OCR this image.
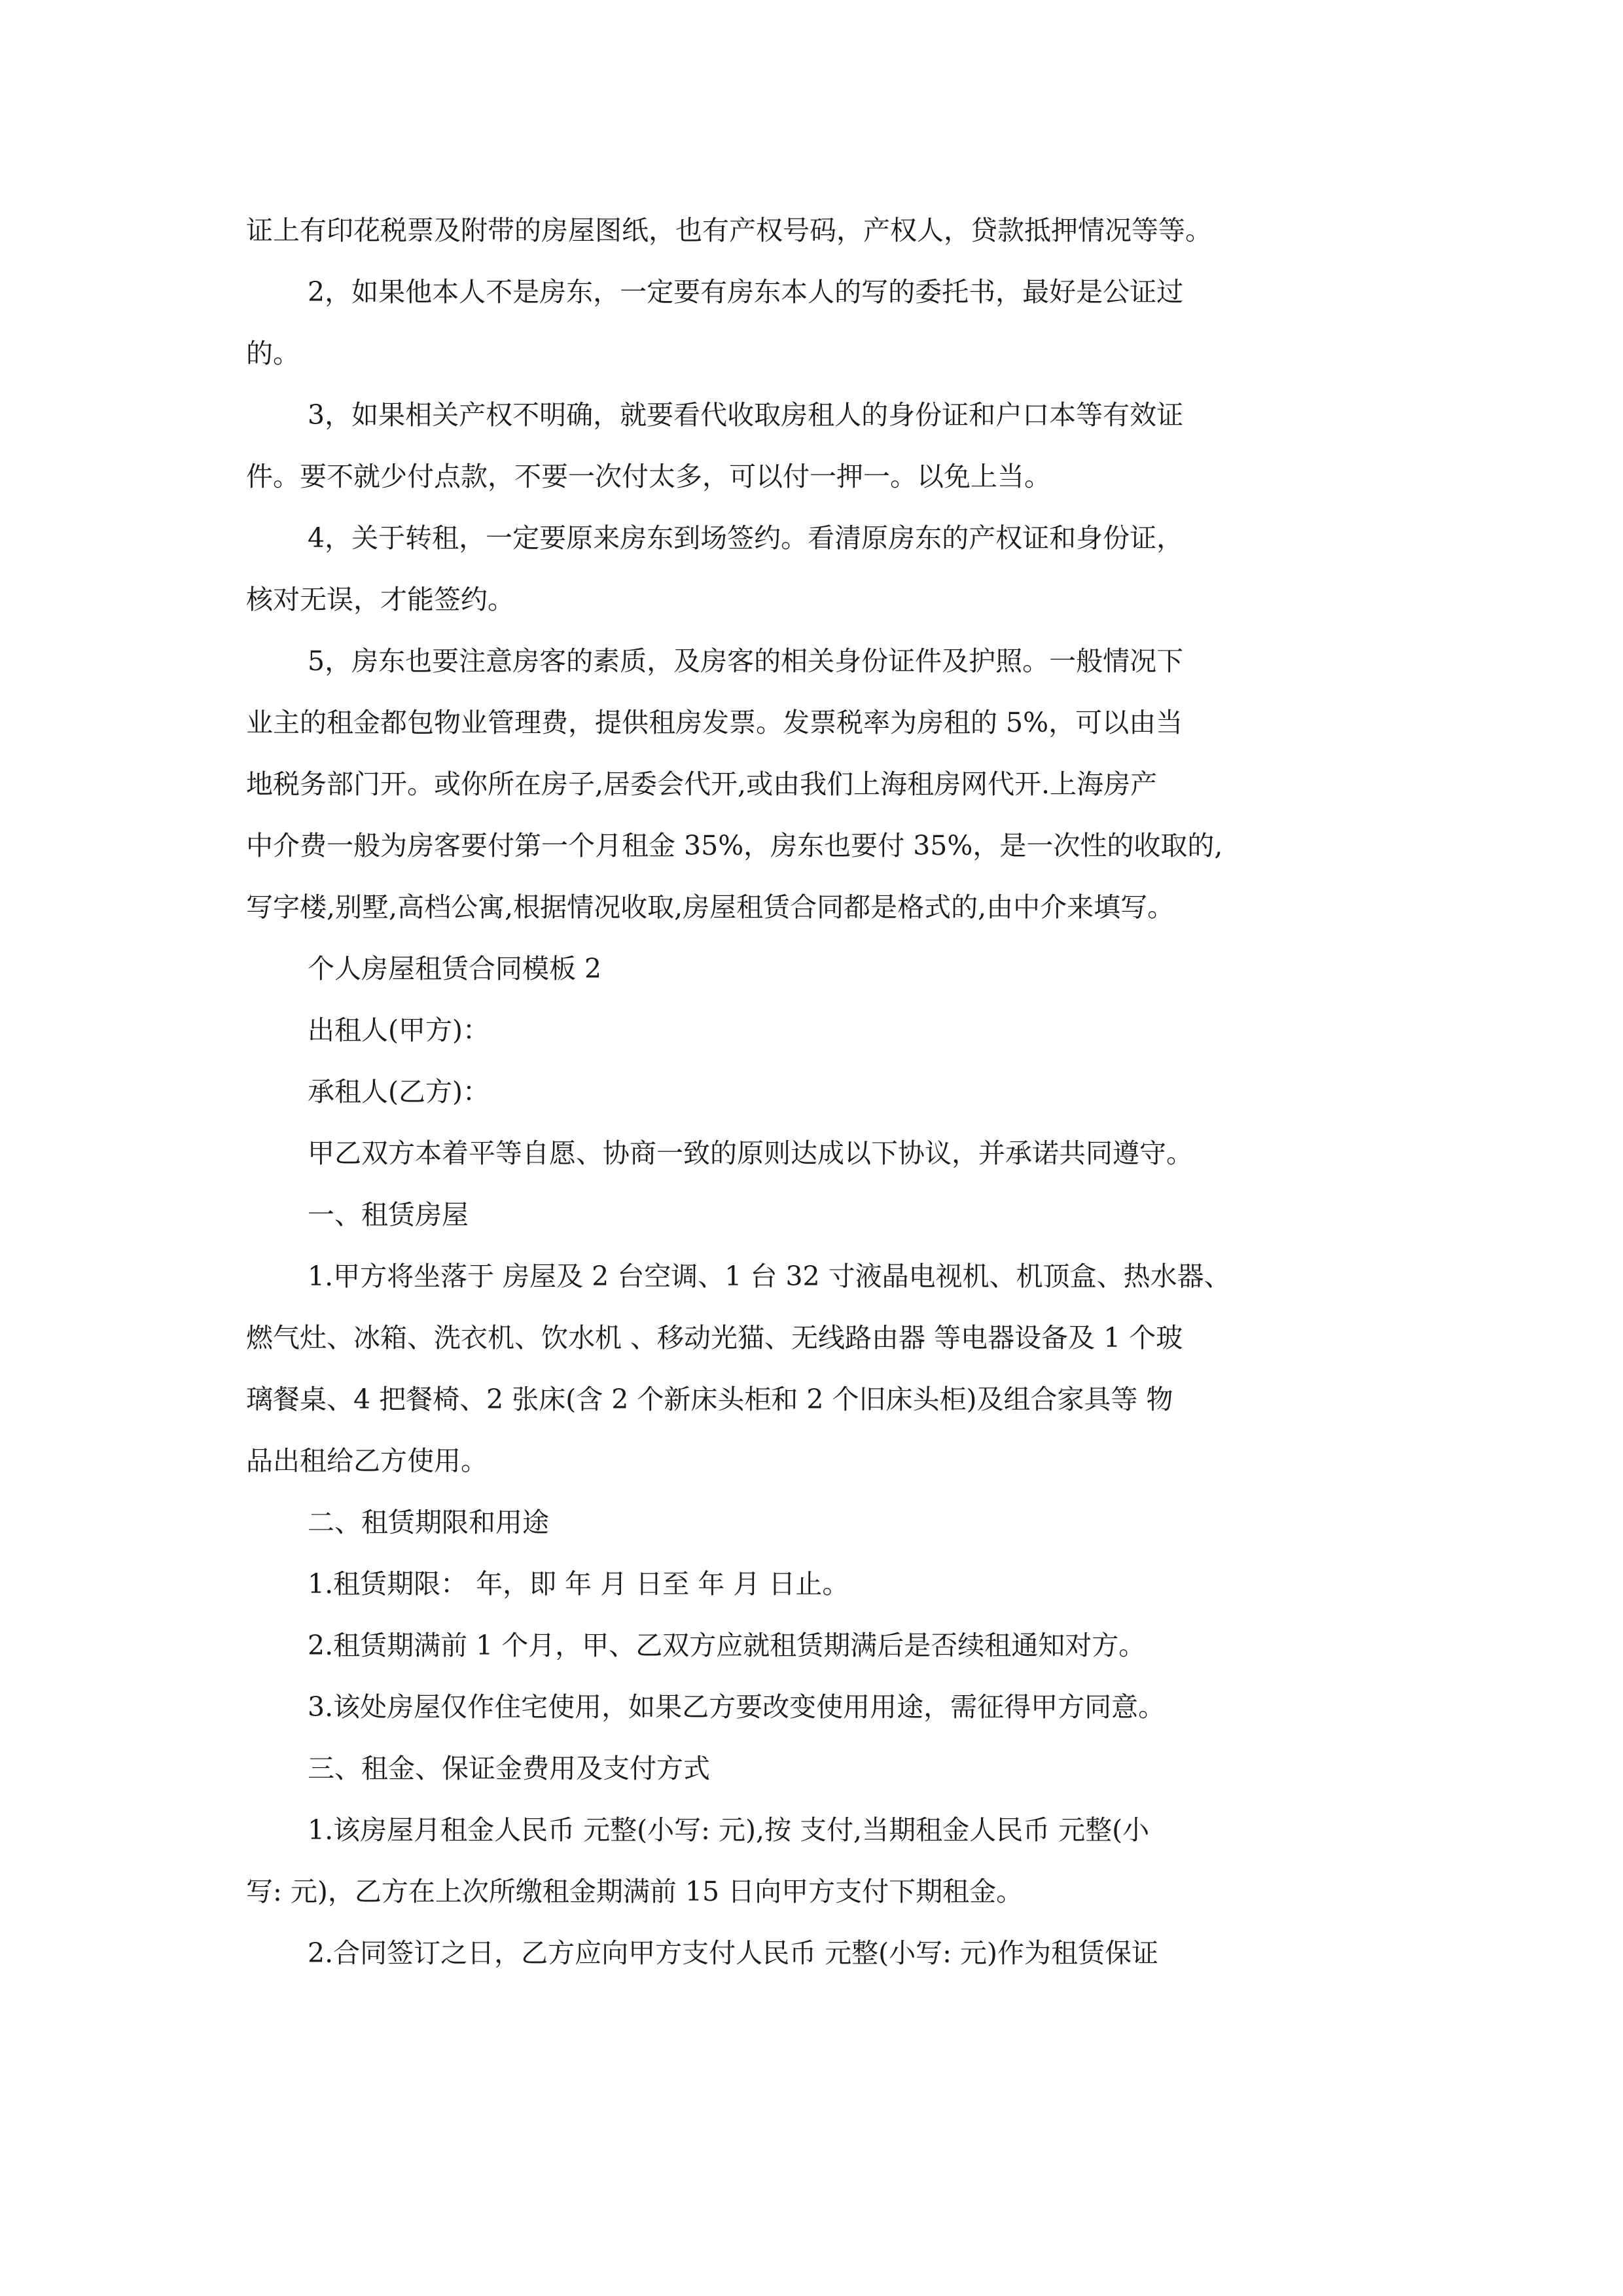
证上有印花税票及附带的房屋图纸，也有产权号码，产权人，贷款抵押情况等等。
2，如果他本人不是房东，一定要有房东本人的写的委托书，最好是公证过
的。
3，如果相关产权不明确，就要看代收取房租人的身份证和户口本等有效证
件。要不就少付点款，不要一次付太多，可以付一押一。以免上当。
4，关于转租，一定要原来房东到场签约。看清原房东的产权证和身份证，
核对无误，才能签约。
5，房东也要注意房客的素质，及房客的相关身份证件及护照。一般情况下
业主的租金都包物业管理费，提供租房发票。发票税率为房租的 5%，可以由当
地税务部门开。或你所在房子,居委会代开,或由我们上海租房网代开.上海房产
中介费一般为房客要付第一个月租金 35%，房东也要付 35%，是一次性的收取的,
写字楼,别墅,高档公寓,根据情况收取,房屋租赁合同都是格式的,由中介来填写。
个人房屋租赁合同模板 2
出租人(甲方)：
承租人(乙方)：
甲乙双方本着平等自愿、协商一致的原则达成以下协议，并承诺共同遵守。
一、租赁房屋
1.甲方将坐落于 房屋及 2 台空调、1 台 32 寸液晶电视机、机顶盒、热水器、
燃气灶、冰箱、洗衣机、饮水机 、移动光猫、无线路由器 等电器设备及 1 个玻
璃餐桌、4 把餐椅、2 张床(含 2 个新床头柜和 2 个旧床头柜)及组合家具等 物
品出租给乙方使用。
二、租赁期限和用途
1.租赁期限： 年，即 年 月 日至 年 月 日止。
2.租赁期满前 1 个月，甲、乙双方应就租赁期满后是否续租通知对方。
3.该处房屋仅作住宅使用，如果乙方要改变使用用途，需征得甲方同意。
三、租金、保证金费用及支付方式
1.该房屋月租金人民币 元整(小写: 元),按 支付,当期租金人民币 元整(小
写: 元)，乙方在上次所缴租金期满前 15 日向甲方支付下期租金。
2.合同签订之日，乙方应向甲方支付人民币 元整(小写: 元)作为租赁保证
